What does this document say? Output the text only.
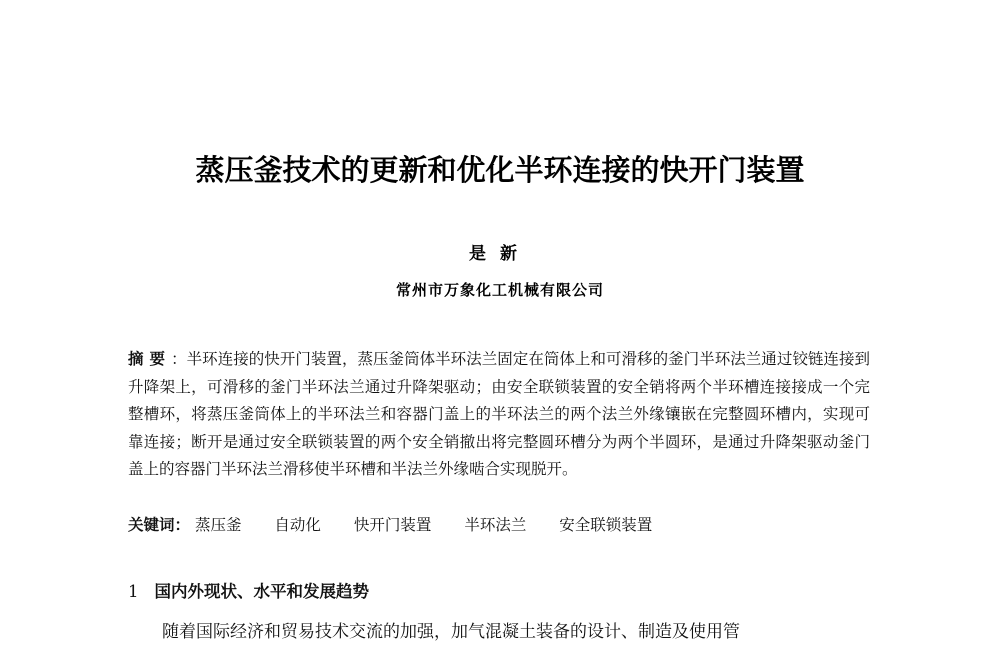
蒸压釜技术的更新和优化半环连接的快开门装置
是新
常州市万象化工机械有限公司
摘要：半环连接的快开门装置，蒸压釜筒体半环法兰固定在筒体上和可滑移的釜门半环法兰通过铰链连接到升降架上，可滑移的釜门半环法兰通过升降架驱动；由安全联锁装置的安全销将两个半环槽连接接成一个完整槽环，将蒸压釜筒体上的半环法兰和容器门盖上的半环法兰的两个法兰外缘镶嵌在完整圆环槽内，实现可靠连接；断开是通过安全联锁装置的两个安全销撤出将完整圆环槽分为两个半圆环，是通过升降架驱动釜门盖上的容器门半环法兰滑移使半环槽和半法兰外缘啮合实现脱开。
关键词： 蒸压釜 自动化 快开门装置 半环法兰 安全联锁装置
1 国内外现状、水平和发展趋势
随着国际经济和贸易技术交流的加强，加气混凝土装备的设计、制造及使用管
